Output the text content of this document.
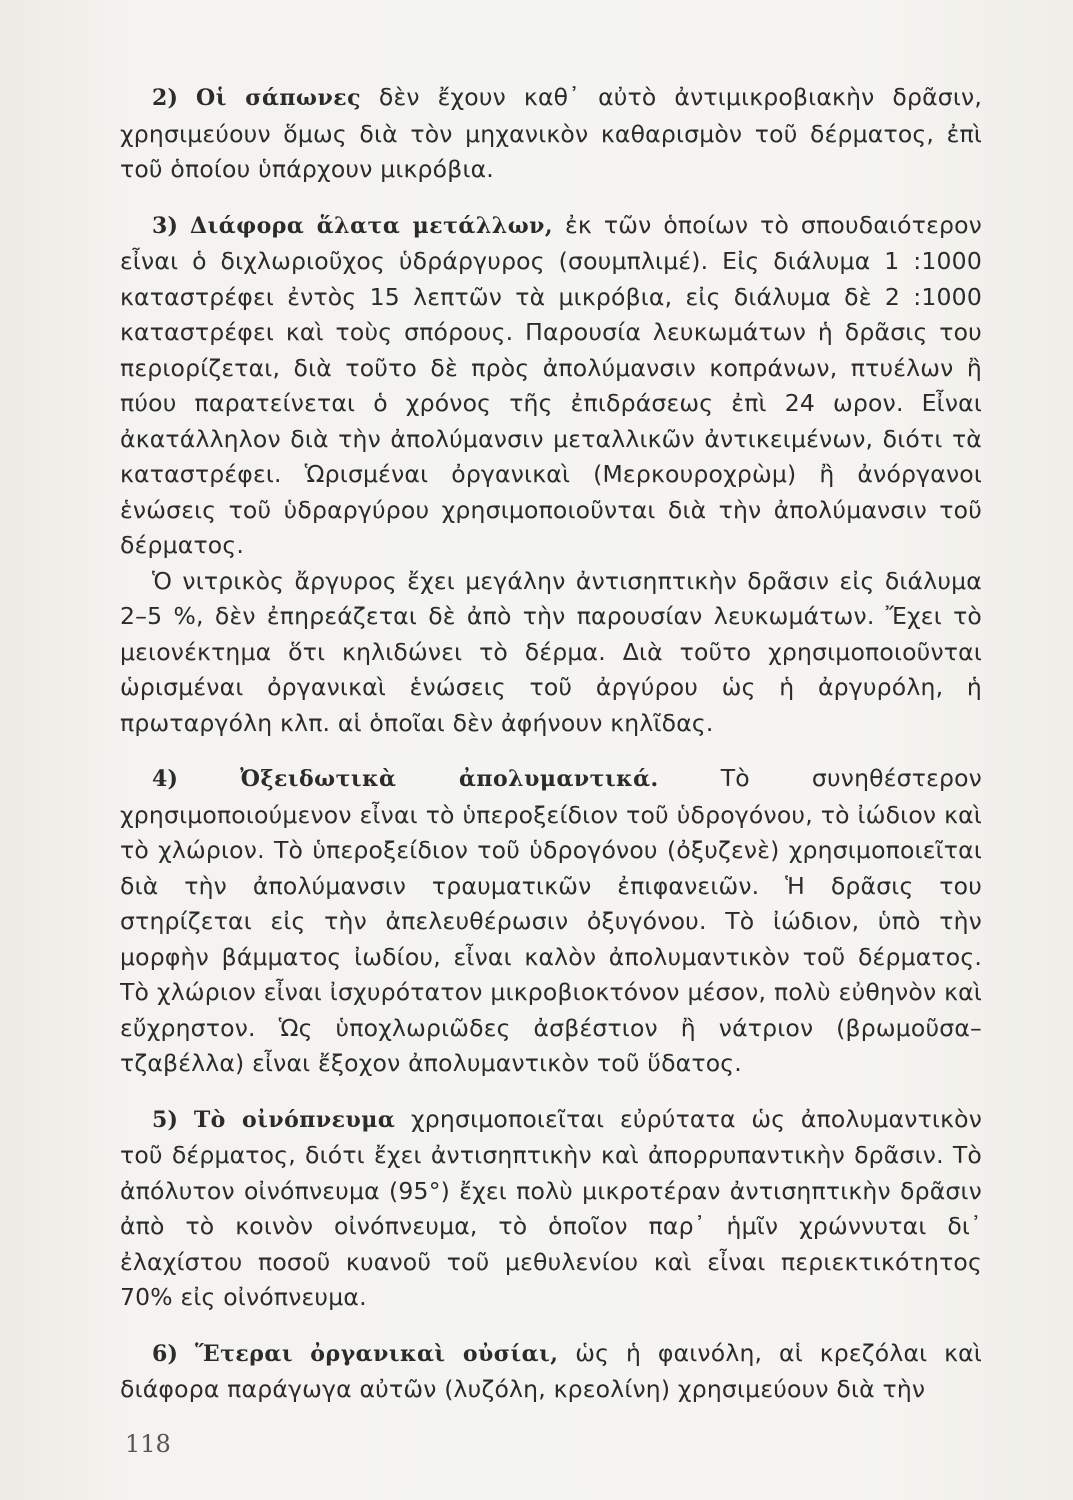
2) Οἱ σάπωνες δὲν ἔχουν καθ᾽ αὐτὸ ἀντιμικροβιακὴν δρᾶσιν, χρησιμεύουν ὅμως διὰ τὸν μηχανικὸν καθαρισμὸν τοῦ δέρματος, ἐπὶ τοῦ ὁποίου ὑπάρχουν μικρόβια.

3) Διάφορα ἅλατα μετάλλων, ἐκ τῶν ὁποίων τὸ σπουδαιότερον εἶναι ὁ διχλωριοῦχος ὑδράργυρος (σουμπλιμέ). Εἰς διάλυμα 1 :1000 καταστρέφει ἐντὸς 15 λεπτῶν τὰ μικρόβια, εἰς διάλυμα δὲ 2 :1000 καταστρέφει καὶ τοὺς σπόρους. Παρουσία λευκωμάτων ἡ δρᾶσις του περιορίζεται, διὰ τοῦτο δὲ πρὸς ἀπολύμανσιν κοπράνων, πτυέλων ἢ πύου παρατείνεται ὁ χρόνος τῆς ἐπιδράσεως ἐπὶ 24 ωρον. Εἶναι ἀκατάλληλον διὰ τὴν ἀπολύμανσιν μεταλλικῶν ἀντικειμένων, διότι τὰ καταστρέφει. Ὡρισμέναι ὀργανικαὶ (Μερκουροχρὼμ) ἢ ἀνόργανοι ἑνώσεις τοῦ ὑδραργύρου χρησιμοποιοῦνται διὰ τὴν ἀπολύμανσιν τοῦ δέρματος.

Ὁ νιτρικὸς ἄργυρος ἔχει μεγάλην ἀντισηπτικὴν δρᾶσιν εἰς διάλυμα 2–5 %, δὲν ἐπηρεάζεται δὲ ἀπὸ τὴν παρουσίαν λευκωμάτων. Ἔχει τὸ μειονέκτημα ὅτι κηλιδώνει τὸ δέρμα. Διὰ τοῦτο χρησιμοποιοῦνται ὡρισμέναι ὀργανικαὶ ἑνώσεις τοῦ ἀργύρου ὡς ἡ ἀργυρόλη, ἡ πρωταργόλη κλπ. αἱ ὁποῖαι δὲν ἀφήνουν κηλῖδας.

4)	Ὀξειδωτικὰ ἀπολυμαντικά.	Τὸ συνηθέστερον χρησιμοποιούμενον εἶναι τὸ ὑπεροξείδιον τοῦ ὑδρογόνου, τὸ ἰώδιον καὶ τὸ χλώριον. Τὸ ὑπεροξείδιον τοῦ ὑδρογόνου (ὀξυζενὲ) χρησιμοποιεῖται διὰ τὴν ἀπολύμανσιν τραυματικῶν ἐπιφανειῶν. Ἡ δρᾶσις του στηρίζεται εἰς τὴν ἀπελευθέρωσιν ὀξυγόνου. Τὸ ἰώδιον, ὑπὸ τὴν μορφὴν βάμματος ἰωδίου, εἶναι καλὸν ἀπολυμαντικὸν τοῦ δέρματος. Τὸ χλώριον εἶναι ἰσχυρότατον μικροβιοκτόνον μέσον, πολὺ εὐθηνὸν καὶ εὔχρηστον. Ὡς ὑποχλωριῶδες ἀσβέστιον ἢ νάτριον (βρωμοῦσα–τζαβέλλα) εἶναι ἔξοχον ἀπολυμαντικὸν τοῦ ὕδατος.

5) Τὸ οἰνόπνευμα χρησιμοποιεῖται εὐρύτατα ὡς ἀπολυμαντικὸν τοῦ δέρματος, διότι ἔχει ἀντισηπτικὴν καὶ ἀπορρυπαντικὴν δρᾶσιν. Τὸ ἀπόλυτον οἰνόπνευμα (95°) ἔχει πολὺ μικροτέραν ἀντισηπτικὴν δρᾶσιν ἀπὸ τὸ κοινὸν οἰνόπνευμα, τὸ ὁποῖον παρ᾽ ἡμῖν χρώννυται δι᾽ ἐλαχίστου ποσοῦ κυανοῦ τοῦ μεθυλενίου καὶ εἶναι περιεκτικότητος 70% εἰς οἰνόπνευμα.

6) Ἕτεραι ὀργανικαὶ οὐσίαι, ὡς ἡ φαινόλη, αἱ κρεζόλαι καὶ διάφορα παράγωγα αὐτῶν (λυζόλη, κρεολίνη) χρησιμεύουν διὰ τὴν

118
